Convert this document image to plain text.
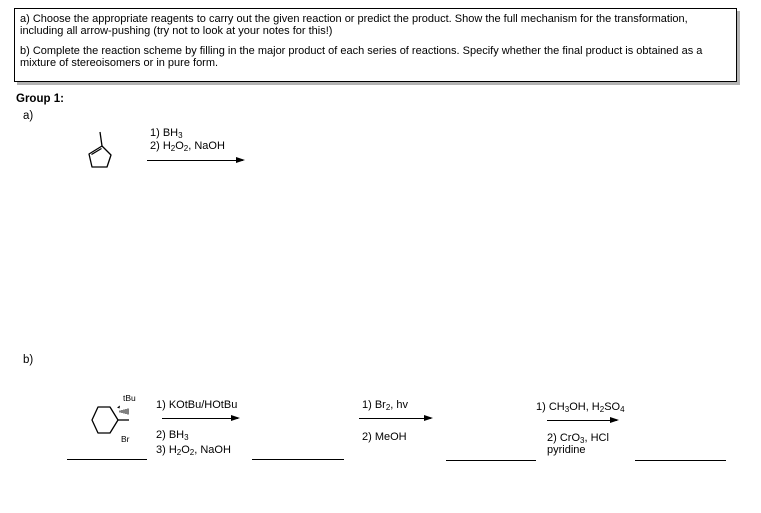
a) Choose the appropriate reagents to carry out the given reaction or predict the product. Show the full mechanism for the transformation, including all arrow-pushing (try not to look at your notes for this!)

b) Complete the reaction scheme by filling in the major product of each series of reactions. Specify whether the final product is obtained as a mixture of stereoisomers or in pure form.

Group 1:
a)
1) $BH_3$
2) $H_2O_2$, NaOH
b)
tBu
Br
1) KOtBu/HOtBu
2) $BH_3$
3) $H_2O_2$, NaOH
1) $Br_2$, hv
2) MeOH
1) $CH_3OH$, $H_2SO_4$
2) CrO$_3$, HCl
pyridine
